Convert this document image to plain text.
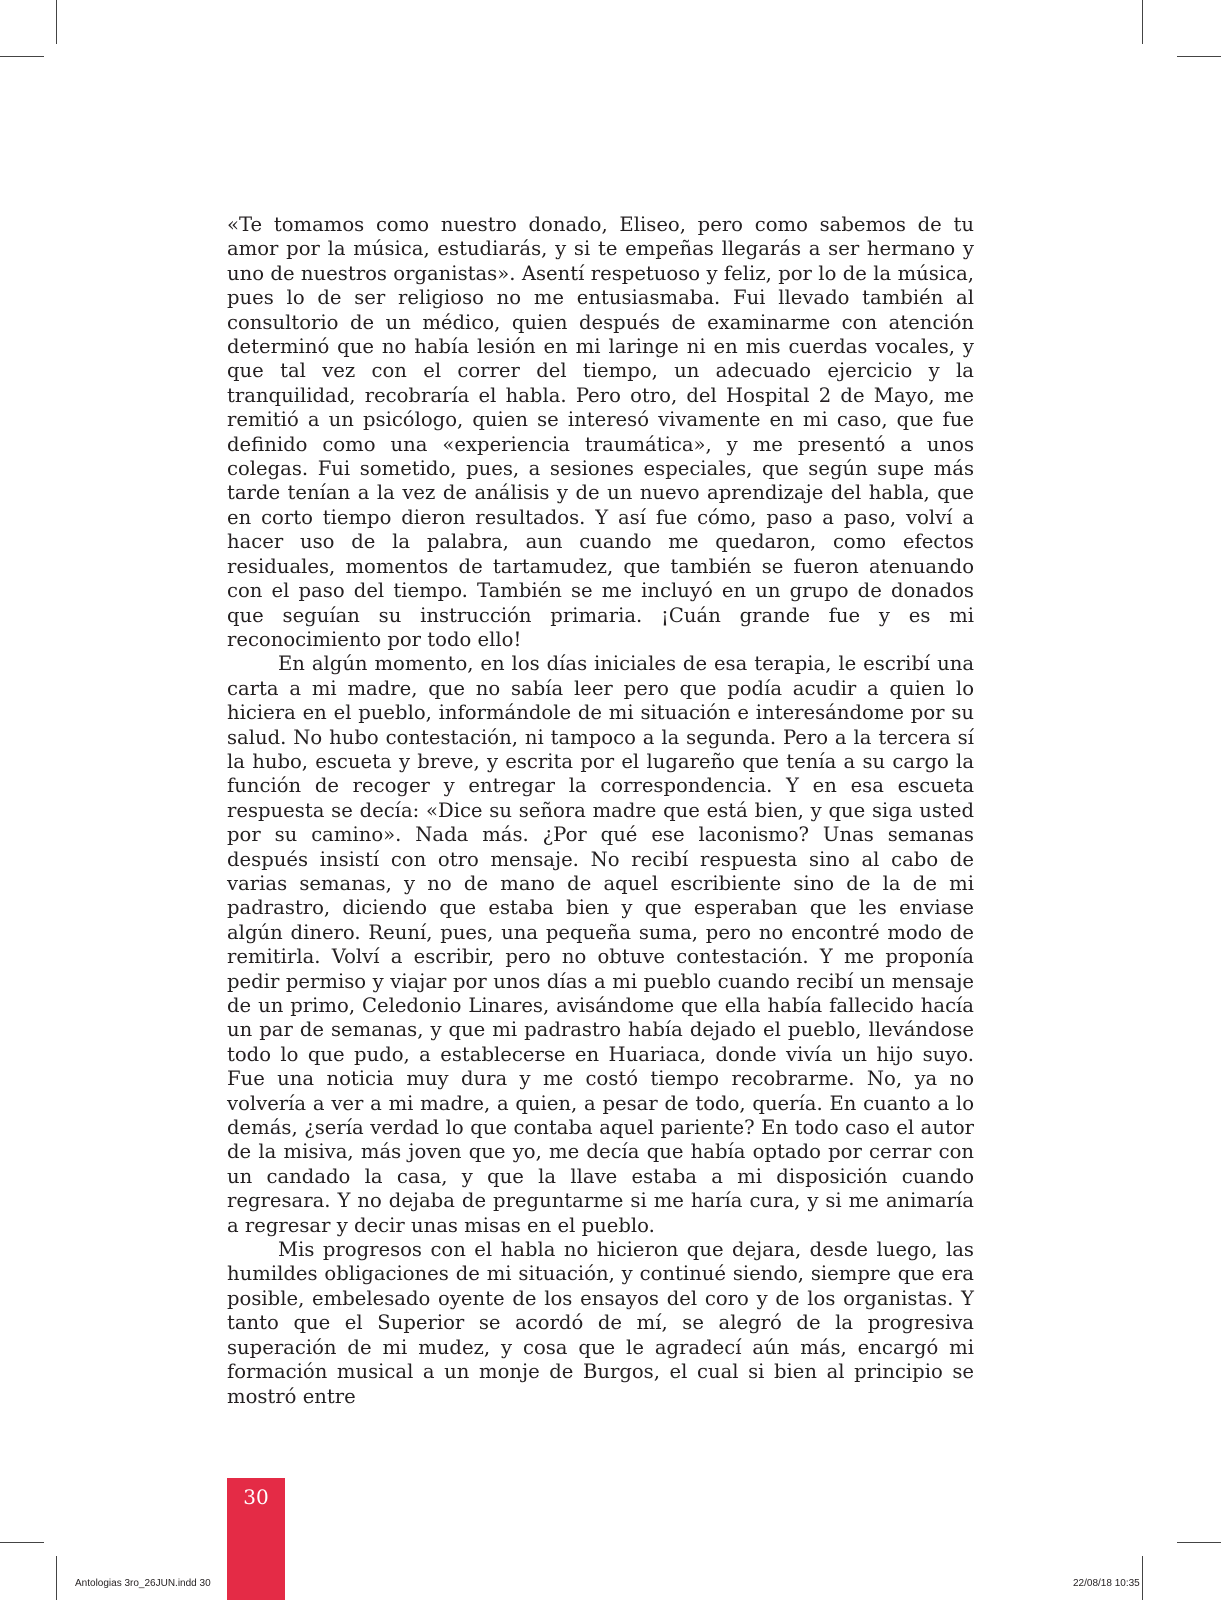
«Te tomamos como nuestro donado, Eliseo, pero como sabemos de tu amor por la música, estudiarás, y si te empeñas llegarás a ser hermano y uno de nuestros organistas». Asentí respetuoso y feliz, por lo de la música, pues lo de ser religioso no me entusiasmaba. Fui llevado también al consultorio de un médico, quien después de examinarme con atención determinó que no había lesión en mi laringe ni en mis cuerdas vocales, y que tal vez con el correr del tiempo, un adecuado ejercicio y la tranquilidad, recobraría el habla. Pero otro, del Hospital 2 de Mayo, me remitió a un psicólogo, quien se interesó vivamente en mi caso, que fue definido como una «experiencia traumática», y me presentó a unos colegas. Fui sometido, pues, a sesiones especiales, que según supe más tarde tenían a la vez de análisis y de un nuevo aprendizaje del habla, que en corto tiempo dieron resultados. Y así fue cómo, paso a paso, volví a hacer uso de la palabra, aun cuando me quedaron, como efectos residuales, momentos de tartamudez, que también se fueron atenuando con el paso del tiempo. También se me incluyó en un grupo de donados que seguían su instrucción primaria. ¡Cuán grande fue y es mi reconocimiento por todo ello!

En algún momento, en los días iniciales de esa terapia, le escribí una carta a mi madre, que no sabía leer pero que podía acudir a quien lo hiciera en el pueblo, informándole de mi situación e interesándome por su salud. No hubo contestación, ni tampoco a la segunda. Pero a la tercera sí la hubo, escueta y breve, y escrita por el lugareño que tenía a su cargo la función de recoger y entregar la correspondencia. Y en esa escueta respuesta se decía: «Dice su señora madre que está bien, y que siga usted por su camino». Nada más. ¿Por qué ese laconismo? Unas semanas después insistí con otro mensaje. No recibí respuesta sino al cabo de varias semanas, y no de mano de aquel escribiente sino de la de mi padrastro, diciendo que estaba bien y que esperaban que les enviase algún dinero. Reuní, pues, una pequeña suma, pero no encontré modo de remitirla. Volví a escribir, pero no obtuve contestación. Y me proponía pedir permiso y viajar por unos días a mi pueblo cuando recibí un mensaje de un primo, Celedonio Linares, avisándome que ella había fallecido hacía un par de semanas, y que mi padrastro había dejado el pueblo, llevándose todo lo que pudo, a establecerse en Huariaca, donde vivía un hijo suyo. Fue una noticia muy dura y me costó tiempo recobrarme. No, ya no volvería a ver a mi madre, a quien, a pesar de todo, quería. En cuanto a lo demás, ¿sería verdad lo que contaba aquel pariente? En todo caso el autor de la misiva, más joven que yo, me decía que había optado por cerrar con un candado la casa, y que la llave estaba a mi disposición cuando regresara. Y no dejaba de preguntarme si me haría cura, y si me animaría a regresar y decir unas misas en el pueblo.

Mis progresos con el habla no hicieron que dejara, desde luego, las humildes obligaciones de mi situación, y continué siendo, siempre que era posible, embelesado oyente de los ensayos del coro y de los organistas. Y tanto que el Superior se acordó de mí, se alegró de la progresiva superación de mi mudez, y cosa que le agradecí aún más, encargó mi formación musical a un monje de Burgos, el cual si bien al principio se mostró entre

30
Antologias 3ro_26JUN.indd 30	22/08/18 10:35
